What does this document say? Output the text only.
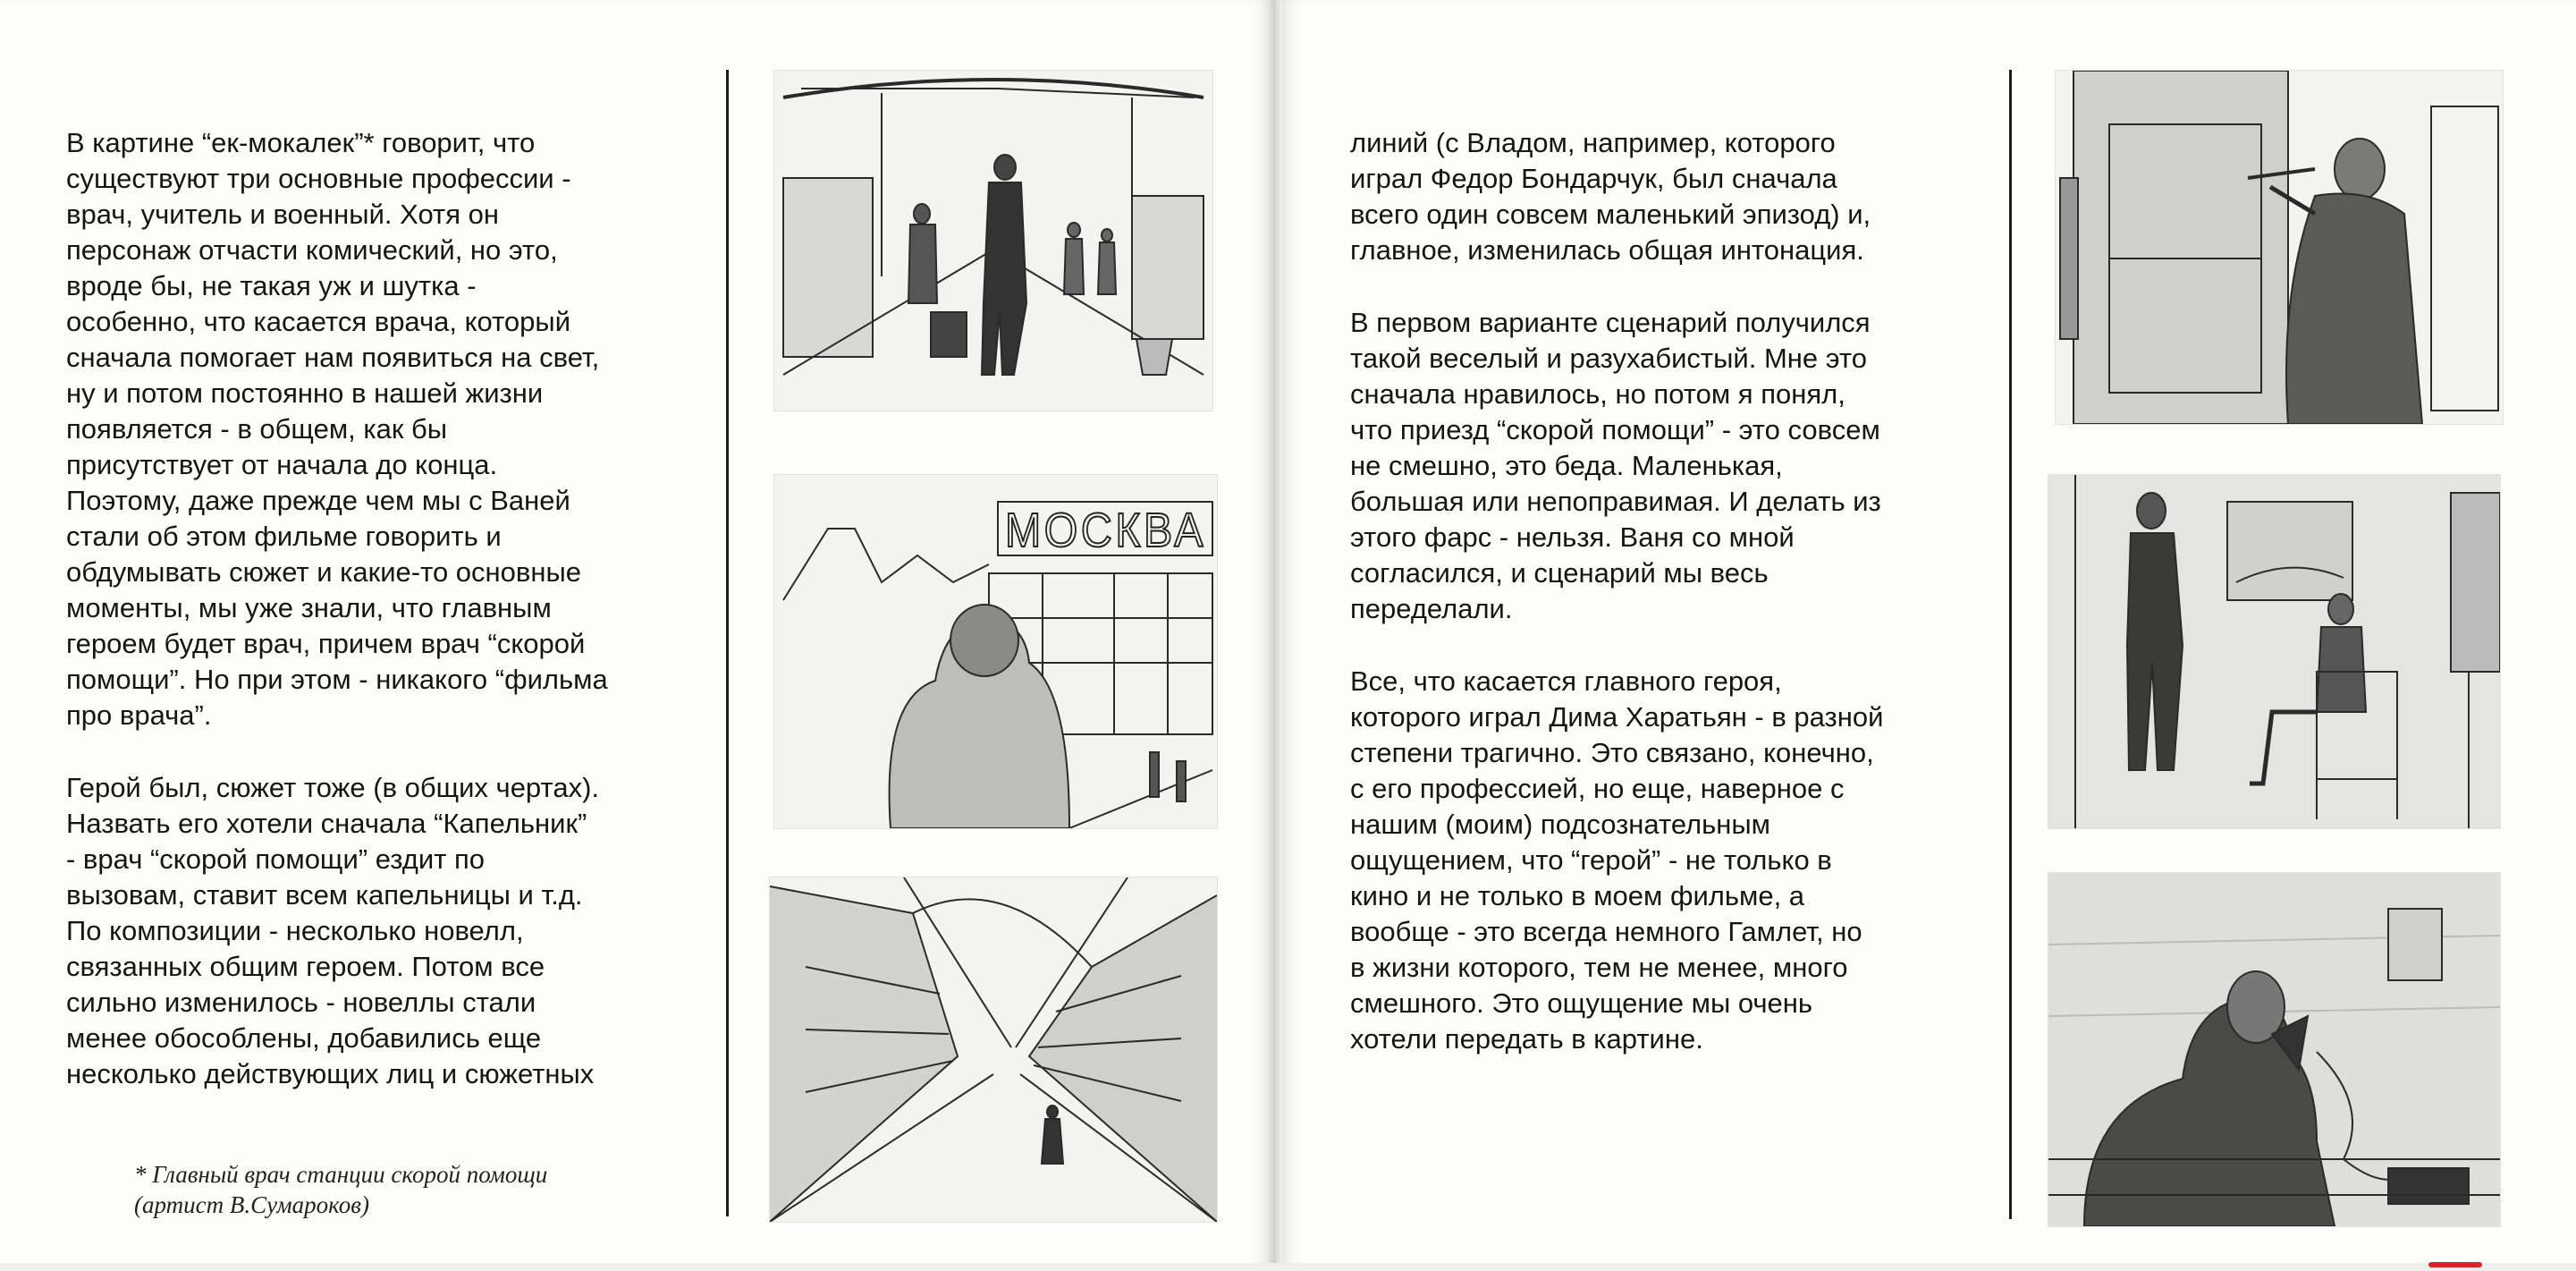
В картине “ек-мокалек”* говорит, что
существуют три основные профессии -
врач, учитель и военный. Хотя он
персонаж отчасти комический, но это,
вроде бы, не такая уж и шутка -
особенно, что касается врача, который
сначала помогает нам появиться на свет,
ну и потом постоянно в нашей жизни
появляется - в общем, как бы
присутствует от начала до конца.
Поэтому, даже прежде чем мы с Ваней
стали об этом фильме говорить и
обдумывать сюжет и какие-то основные
моменты, мы уже знали, что главным
героем будет врач, причем врач “скорой
помощи”. Но при этом - никакого “фильма
про врача”.

Герой был, сюжет тоже (в общих чертах).
Назвать его хотели сначала “Капельник”
- врач “скорой помощи” ездит по
вызовам, ставит всем капельницы и т.д.
По композиции - несколько новелл,
связанных общим героем. Потом все
сильно изменилось - новеллы стали
менее обособлены, добавились еще
несколько действующих лиц и сюжетных

* Главный врач станции скорой помощи
(артист В.Сумароков)

линий (с Владом, например, которого
играл Федор Бондарчук, был сначала
всего один совсем маленький эпизод) и,
главное, изменилась общая интонация.

В первом варианте сценарий получился
такой веселый и разухабистый. Мне это
сначала нравилось, но потом я понял,
что приезд “скорой помощи” - это совсем
не смешно, это беда. Маленькая,
большая или непоправимая. И делать из
этого фарс - нельзя. Ваня со мной
согласился, и сценарий мы весь
переделали.

Все, что касается главного героя,
которого играл Дима Харатьян - в разной
степени трагично. Это связано, конечно,
с его профессией, но еще, наверное с
нашим (моим) подсознательным
ощущением, что “герой” - не только в
кино и не только в моем фильме, а
вообще - это всегда немного Гамлет, но
в жизни которого, тем не менее, много
смешного. Это ощущение мы очень
хотели передать в картине.

МОСКВА
